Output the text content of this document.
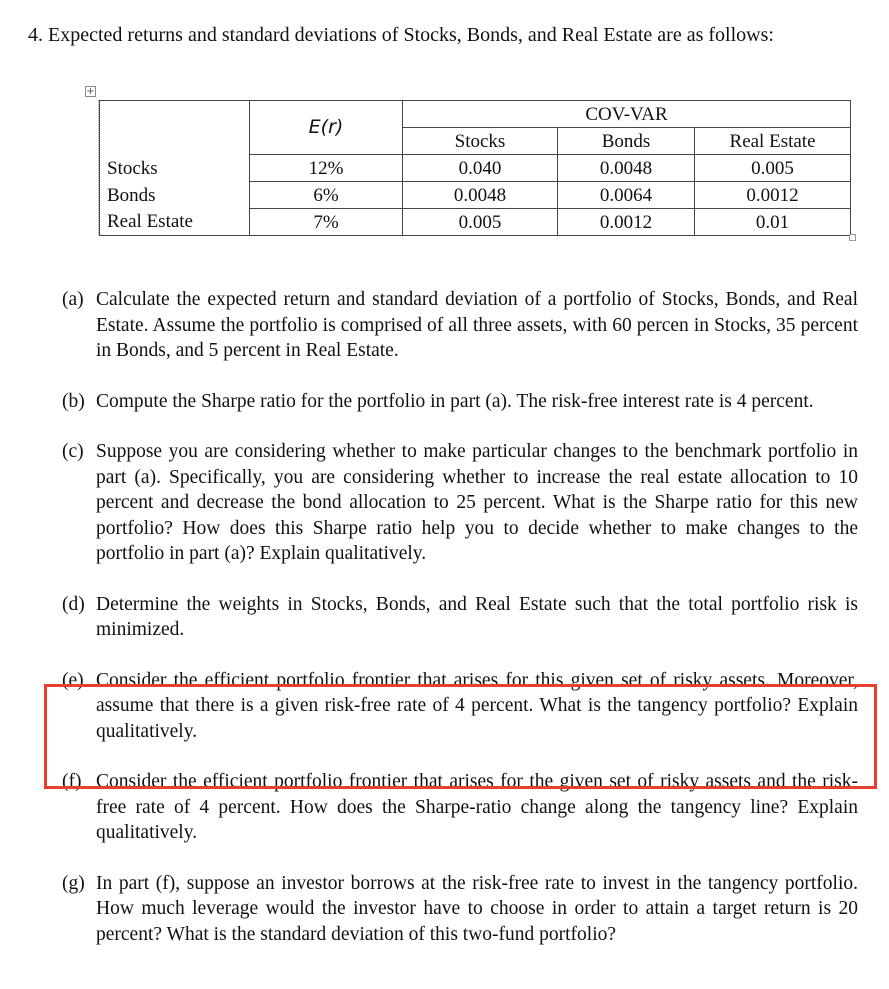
4. Expected returns and standard deviations of Stocks, Bonds, and Real Estate are as follows:
+
	E(r)	COV-VAR		
		Stocks	Bonds	Real Estate
Stocks	12%	0.040	0.0048	0.005
Bonds	6%	0.0048	0.0064	0.0012
Real Estate	7%	0.005	0.0012	0.01
(a) Calculate the expected return and standard deviation of a portfolio of Stocks, Bonds, and Real Estate. Assume the portfolio is comprised of all three assets, with 60 percen in Stocks, 35 percent in Bonds, and 5 percent in Real Estate.
(b) Compute the Sharpe ratio for the portfolio in part (a). The risk-free interest rate is 4 percent.
(c) Suppose you are considering whether to make particular changes to the benchmark portfolio in part (a). Specifically, you are considering whether to increase the real estate allocation to 10 percent and decrease the bond allocation to 25 percent. What is the Sharpe ratio for this new portfolio? How does this Sharpe ratio help you to decide whether to make changes to the portfolio in part (a)? Explain qualitatively.
(d) Determine the weights in Stocks, Bonds, and Real Estate such that the total portfolio risk is minimized.
(e) Consider the efficient portfolio frontier that arises for this given set of risky assets. Moreover, assume that there is a given risk-free rate of 4 percent. What is the tangency portfolio? Explain qualitatively.
(f) Consider the efficient portfolio frontier that arises for the given set of risky assets and the risk-free rate of 4 percent. How does the Sharpe-ratio change along the tangency line? Explain qualitatively.
(g) In part (f), suppose an investor borrows at the risk-free rate to invest in the tangency portfolio. How much leverage would the investor have to choose in order to attain a target return is 20 percent? What is the standard deviation of this two-fund portfolio?
